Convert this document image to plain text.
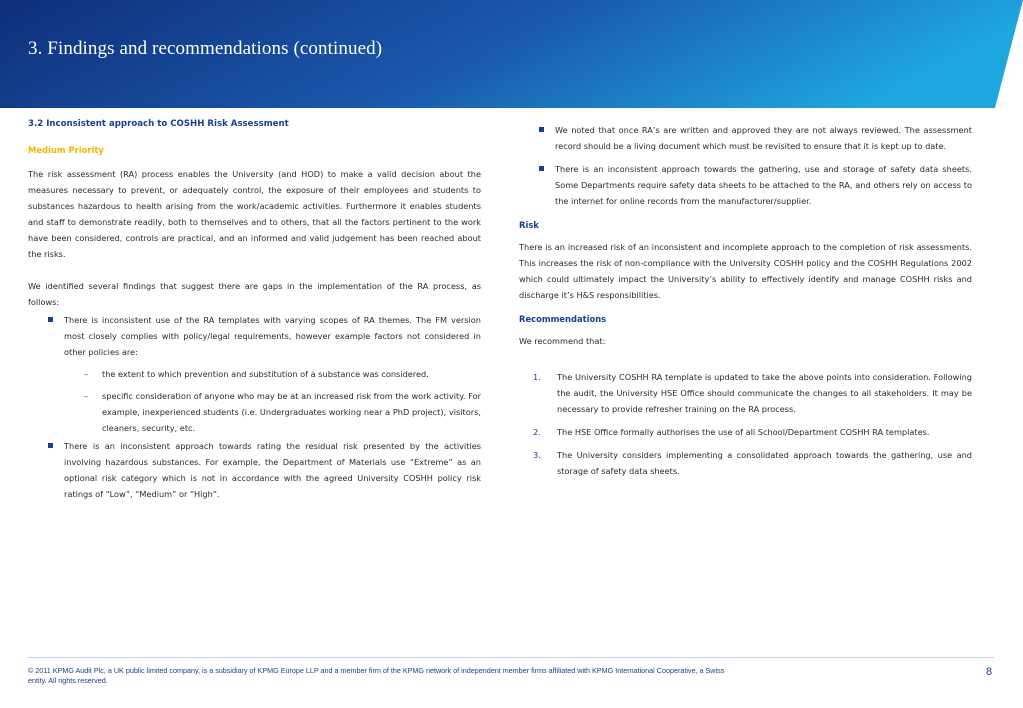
3. Findings and recommendations (continued)
3.2 Inconsistent approach to COSHH Risk Assessment
Medium Priority

The risk assessment (RA) process enables the University (and HOD) to make a valid decision about the measures necessary to prevent, or adequately control, the exposure of their employees and students to substances hazardous to health arising from the work/academic activities. Furthermore it enables students and staff to demonstrate readily, both to themselves and to others, that all the factors pertinent to the work have been considered, controls are practical, and an informed and valid judgement has been reached about the risks.

We identified several findings that suggest there are gaps in the implementation of the RA process, as follows:

There is inconsistent use of the RA templates with varying scopes of RA themes. The FM version most closely complies with policy/legal requirements, however example factors not considered in other policies are:
– the extent to which prevention and substitution of a substance was considered.
– specific consideration of anyone who may be at an increased risk from the work activity. For example, inexperienced students (i.e. Undergraduates working near a PhD project), visitors, cleaners, security, etc.
There is an inconsistent approach towards rating the residual risk presented by the activities involving hazardous substances. For example, the Department of Materials use “Extreme” as an optional risk category which is not in accordance with the agreed University COSHH policy risk ratings of “Low”, “Medium” or “High”.
We noted that once RA’s are written and approved they are not always reviewed. The assessment record should be a living document which must be revisited to ensure that it is kept up to date.
There is an inconsistent approach towards the gathering, use and storage of safety data sheets. Some Departments require safety data sheets to be attached to the RA, and others rely on access to the internet for online records from the manufacturer/supplier.
Risk

There is an increased risk of an inconsistent and incomplete approach to the completion of risk assessments. This increases the risk of non-compliance with the University COSHH policy and the COSHH Regulations 2002 which could ultimately impact the University’s ability to effectively identify and manage COSHH risks and discharge it’s H&S responsibilities.

Recommendations

We recommend that:

1. The University COSHH RA template is updated to take the above points into consideration. Following the audit, the University HSE Office should communicate the changes to all stakeholders. It may be necessary to provide refresher training on the RA process.
2. The HSE Office formally authorises the use of all School/Department COSHH RA templates.
3. The University considers implementing a consolidated approach towards the gathering, use and storage of safety data sheets.
© 2011 KPMG Audit Plc, a UK public limited company, is a subsidiary of KPMG Europe LLP and a member firm of the KPMG network of independent member firms affiliated with KPMG International Cooperative, a Swiss entity. All rights reserved.
8
